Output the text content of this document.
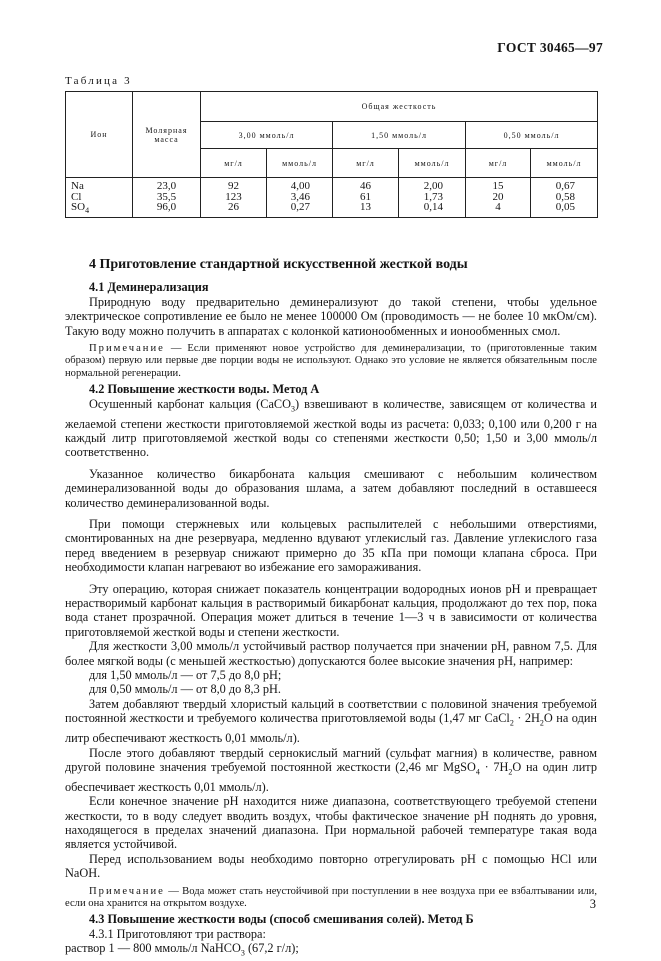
ГОСТ 30465—97
Таблица 3
Ион	Молярная масса	Общая жесткость					
		3,00 ммоль/л		1,50 ммоль/л		0,50 ммоль/л	
		мг/л	ммоль/л	мг/л	ммоль/л	мг/л	ммоль/л
Na	23,0	92	4,00	46	2,00	15	0,67
Cl	35,5	123	3,46	61	1,73	20	0,58
$SO_4$	96,0	26	0,27	13	0,14	4	0,05

4 Приготовление стандартной искусственной жесткой воды

4.1 Деминерализация

Природную воду предварительно деминерализуют до такой степени, чтобы удельное электрическое сопротивление ее было не менее 100000 Ом (проводимость — не более 10 мкОм/см). Такую воду можно получить в аппаратах с колонкой катионообменных и ионообменных смол.

Примечание — Если применяют новое устройство для деминерализации, то (приготовленные таким образом) первую или первые две порции воды не используют. Однако это условие не является обязательным после нормальной регенерации.

4.2 Повышение жесткости воды. Метод А

Осушенный карбонат кальция (CaCO$_3$) взвешивают в количестве, зависящем от количества и желаемой степени жесткости приготовляемой жесткой воды из расчета: 0,033; 0,100 или 0,200 г на каждый литр приготовляемой жесткой воды со степенями жесткости 0,50; 1,50 и 3,00 ммоль/л соответственно.

Указанное количество бикарбоната кальция смешивают с небольшим количеством деминерализованной воды до образования шлама, а затем добавляют последний в оставшееся количество деминерализованной воды.

При помощи стержневых или кольцевых распылителей с небольшими отверстиями, смонтированных на дне резервуара, медленно вдувают углекислый газ. Давление углекислого газа перед введением в резервуар снижают примерно до 35 кПа при помощи клапана сброса. При необходимости клапан нагревают во избежание его замораживания.

Эту операцию, которая снижает показатель концентрации водородных ионов pH и превращает нерастворимый карбонат кальция в растворимый бикарбонат кальция, продолжают до тех пор, пока вода станет прозрачной. Операция может длиться в течение 1—3 ч в зависимости от количества приготовляемой жесткой воды и степени жесткости.

Для жесткости 3,00 ммоль/л устойчивый раствор получается при значении pH, равном 7,5. Для более мягкой воды (с меньшей жесткостью) допускаются более высокие значения pH, например:

для 1,50 ммоль/л — от 7,5 до 8,0 pH;

для 0,50 ммоль/л — от 8,0 до 8,3 pH.

Затем добавляют твердый хлористый кальций в соответствии с половиной значения требуемой постоянной жесткости и требуемого количества приготовляемой воды (1,47 мг CaCl$_2$ · $2H_2O$ на один литр обеспечивают жесткость 0,01 ммоль/л).

После этого добавляют твердый сернокислый магний (сульфат магния) в количестве, равном другой половине значения требуемой постоянной жесткости (2,46 мг MgSO$_4$ · $7H_2O$ на один литр обеспечивает жесткость 0,01 ммоль/л).

Если конечное значение pH находится ниже диапазона, соответствующего требуемой степени жесткости, то в воду следует вводить воздух, чтобы фактическое значение pH поднять до уровня, находящегося в пределах значений диапазона. При нормальной рабочей температуре такая вода является устойчивой.

Перед использованием воды необходимо повторно отрегулировать pH с помощью HCl или NaOH.

Примечание — Вода может стать неустойчивой при поступлении в нее воздуха при ее взбалтывании или, если она хранится на открытом воздухе.

4.3 Повышение жесткости воды (способ смешивания солей). Метод Б

4.3.1 Приготовляют три раствора:

раствор 1 — 800 ммоль/л NaHCO$_3$ (67,2 г/л);

3
